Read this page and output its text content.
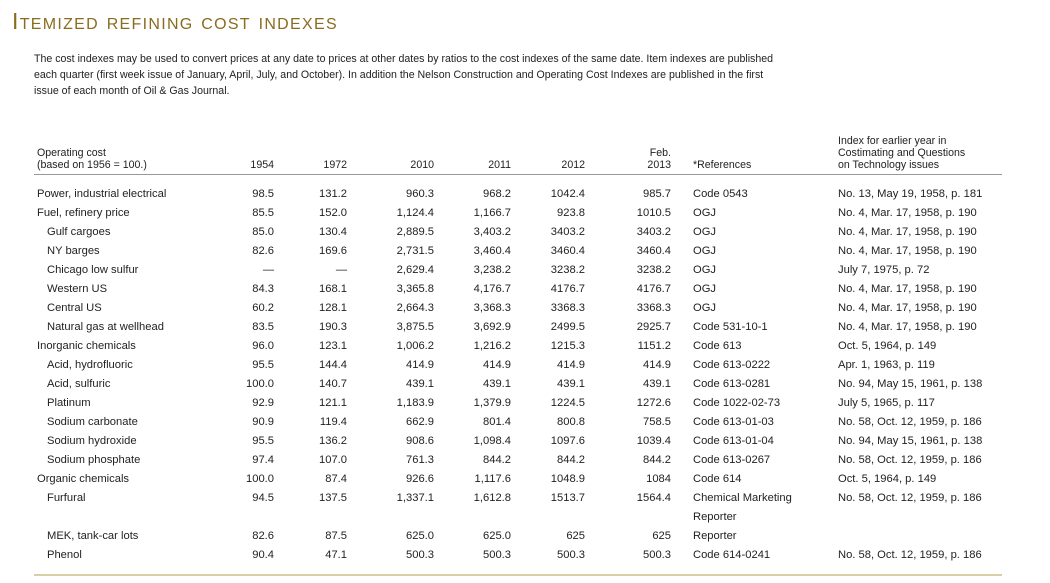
Itemized refining cost indexes
The cost indexes may be used to convert prices at any date to prices at other dates by ratios to the cost indexes of the same date. Item indexes are published each quarter (first week issue of January, April, July, and October). In addition the Nelson Construction and Operating Cost Indexes are published in the first issue of each month of Oil & Gas Journal.
Operating cost
(based on 1956 = 100.)	1954	1972	2010	2011	2012
Feb.
2013 *References
Index for earlier year in
Costimating and Questions
on Technology issues
Power, industrial electrical	98.5	131.2	960.3	968.2	1042.4	985.7 Code 0543	No. 13, May 19, 1958, p. 181
Fuel, refinery price	85.5	152.0	1,124.4	1,166.7	923.8	1010.5 OGJ	No. 4, Mar. 17, 1958, p. 190
Gulf cargoes	85.0	130.4	2,889.5	3,403.2	3403.2	3403.2 OGJ	No. 4, Mar. 17, 1958, p. 190
NY barges	82.6	169.6	2,731.5	3,460.4	3460.4	3460.4 OGJ	No. 4, Mar. 17, 1958, p. 190
Chicago low sulfur	—	—	2,629.4	3,238.2	3238.2	3238.2 OGJ	July 7, 1975, p. 72
Western US	84.3	168.1	3,365.8	4,176.7	4176.7	4176.7 OGJ	No. 4, Mar. 17, 1958, p. 190
Central US	60.2	128.1	2,664.3	3,368.3	3368.3	3368.3 OGJ	No. 4, Mar. 17, 1958, p. 190
Natural gas at wellhead	83.5	190.3	3,875.5	3,692.9	2499.5	2925.7 Code 531-10-1	No. 4, Mar. 17, 1958, p. 190
Inorganic chemicals	96.0	123.1	1,006.2	1,216.2	1215.3	1151.2 Code 613	Oct. 5, 1964, p. 149
Acid, hydrofluoric	95.5	144.4	414.9	414.9	414.9	414.9 Code 613-0222	Apr. 1, 1963, p. 119
Acid, sulfuric	100.0	140.7	439.1	439.1	439.1	439.1 Code 613-0281	No. 94, May 15, 1961, p. 138
Platinum	92.9	121.1	1,183.9	1,379.9	1224.5	1272.6 Code 1022-02-73	July 5, 1965, p. 117
Sodium carbonate	90.9	119.4	662.9	801.4	800.8	758.5 Code 613-01-03	No. 58, Oct. 12, 1959, p. 186
Sodium hydroxide	95.5	136.2	908.6	1,098.4	1097.6	1039.4 Code 613-01-04	No. 94, May 15, 1961, p. 138
Sodium phosphate	97.4	107.0	761.3	844.2	844.2	844.2 Code 613-0267	No. 58, Oct. 12, 1959, p. 186
Organic chemicals	100.0	87.4	926.6	1,117.6	1048.9	1084 Code 614	Oct. 5, 1964, p. 149
Furfural	94.5	137.5	1,337.1	1,612.8	1513.7	1564.4 Chemical Marketing	No. 58, Oct. 12, 1959, p. 186
Reporter
MEK, tank-car lots	82.6	87.5	625.0	625.0	625	625 Reporter
Phenol	90.4	47.1	500.3	500.3	500.3	500.3 Code 614-0241	No. 58, Oct. 12, 1959, p. 186
